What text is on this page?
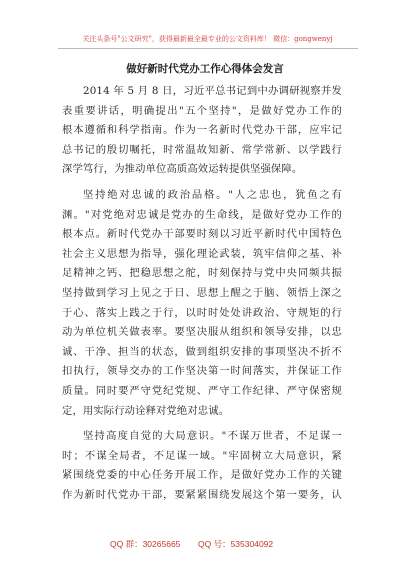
关注头条号"公文研究"，获得最新最全最专业的公文资料库！ 微信：gongwenyj
做好新时代党办工作心得体会发言
2014 年 5 月 8 日，习近平总书记到中办调研视察并发
表重要讲话，明确提出"五个坚持"，是做好党办工作的
根本遵循和科学指南。作为一名新时代党办干部，应牢记
总书记的殷切嘱托，时常温故知新、常学常新、以学践行
深学笃行，为推动单位高质高效运转提供坚强保障。
坚持绝对忠诚的政治品格。"人之忠也，犹鱼之有
渊。"对党绝对忠诚是党办的生命线，是做好党办工作的
根本点。新时代党办干部要时刻以习近平新时代中国特色
社会主义思想为指导，强化理论武装，筑牢信仰之基、补
足精神之钙、把稳思想之舵，时刻保持与党中央同频共振
坚持做到学习上见之于日、思想上醒之于脑、领悟上深之
于心、落实上践之于行，以时时处处讲政治、守规矩的行
动为单位机关做表率。要坚决服从组织和领导安排，以忠
诚、干净、担当的状态，做到组织安排的事项坚决不折不
扣执行，领导交办的工作坚决第一时间落实，并保证工作
质量。同时要严守党纪党规、严守工作纪律、严守保密规
定，用实际行动诠释对党绝对忠诚。
坚持高度自觉的大局意识。"不谋万世者，不足谋一
时；不谋全局者，不足谋一域。"牢固树立大局意识，紧
紧围绕党委的中心任务开展工作，是做好党办工作的关键
作为新时代党办干部，要紧紧围绕发展这个第一要务，认
QQ 群：30265665 QQ 号：535304092
